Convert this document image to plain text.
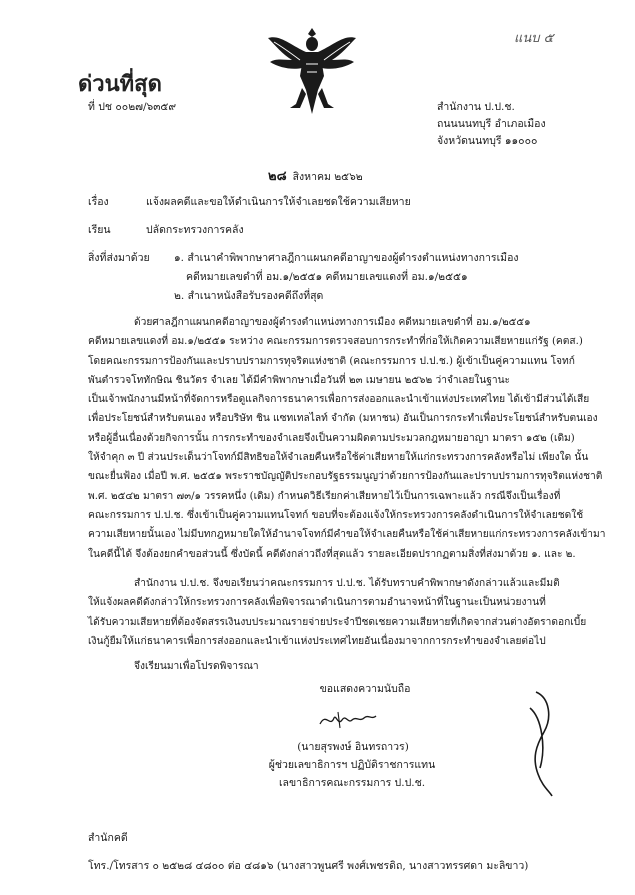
แนบ ๕
ด่วนที่สุด
ที่ ปช ๐๐๒๗/๖๓๕๙	สำนักงาน ป.ป.ช.
ถนนนนทบุรี อำเภอเมือง
จังหวัดนนทบุรี ๑๑๐๐๐
๒๘ สิงหาคม ๒๕๖๒
เรื่อง	แจ้งผลคดีและขอให้ดำเนินการให้จำเลยชดใช้ความเสียหาย
เรียน	ปลัดกระทรวงการคลัง
สิ่งที่ส่งมาด้วย ๑. สำเนาคำพิพากษาศาลฎีกาแผนกคดีอาญาของผู้ดำรงตำแหน่งทางการเมือง
คดีหมายเลขดำที่ อม.๑/๒๕๕๑ คดีหมายเลขแดงที่ อม.๑/๒๕๕๑
๒. สำเนาหนังสือรับรองคดีถึงที่สุด
ด้วยศาลฎีกาแผนกคดีอาญาของผู้ดำรงตำแหน่งทางการเมือง คดีหมายเลขดำที่ อม.๑/๒๕๕๑
คดีหมายเลขแดงที่ อม.๑/๒๕๕๑ ระหว่าง คณะกรรมการตรวจสอบการกระทำที่ก่อให้เกิดความเสียหายแก่รัฐ (คตส.)
โดยคณะกรรมการป้องกันและปราบปรามการทุจริตแห่งชาติ (คณะกรรมการ ป.ป.ช.) ผู้เข้าเป็นคู่ความแทน โจทก์
พันตำรวจโททักษิณ ชินวัตร จำเลย ได้มีคำพิพากษาเมื่อวันที่ ๒๓ เมษายน ๒๕๖๒ ว่าจำเลยในฐานะ
เป็นเจ้าพนักงานมีหน้าที่จัดการหรือดูแลกิจการธนาคารเพื่อการส่งออกและนำเข้าแห่งประเทศไทย ได้เข้ามีส่วนได้เสีย
เพื่อประโยชน์สำหรับตนเอง หรือบริษัท ชิน แซทเทลไลท์ จำกัด (มหาชน) อันเป็นการกระทำเพื่อประโยชน์สำหรับตนเอง
หรือผู้อื่นเนื่องด้วยกิจการนั้น การกระทำของจำเลยจึงเป็นความผิดตามประมวลกฎหมายอาญา มาตรา ๑๕๒ (เดิม)
ให้จำคุก ๓ ปี ส่วนประเด็นว่าโจทก์มีสิทธิขอให้จำเลยคืนหรือใช้ค่าเสียหายให้แก่กระทรวงการคลังหรือไม่ เพียงใด นั้น
ขณะยื่นฟ้อง เมื่อปี พ.ศ. ๒๕๕๑ พระราชบัญญัติประกอบรัฐธรรมนูญว่าด้วยการป้องกันและปราบปรามการทุจริตแห่งชาติ
พ.ศ. ๒๕๔๒ มาตรา ๗๓/๑ วรรคหนึ่ง (เดิม) กำหนดวิธีเรียกค่าเสียหายไว้เป็นการเฉพาะแล้ว กรณีจึงเป็นเรื่องที่
คณะกรรมการ ป.ป.ช. ซึ่งเข้าเป็นคู่ความแทนโจทก์ ขอบที่จะต้องแจ้งให้กระทรวงการคลังดำเนินการให้จำเลยชดใช้
ความเสียหายนั้นเอง ไม่มีบทกฎหมายใดให้อำนาจโจทก์มีคำขอให้จำเลยคืนหรือใช้ค่าเสียหายแก่กระทรวงการคลังเข้ามา
ในคดีนี้ได้ จึงต้องยกคำขอส่วนนี้ ซึ่งบัดนี้ คดีดังกล่าวถึงที่สุดแล้ว รายละเอียดปรากฏตามสิ่งที่ส่งมาด้วย ๑. และ ๒.
สำนักงาน ป.ป.ช. จึงขอเรียนว่าคณะกรรมการ ป.ป.ช. ได้รับทราบคำพิพากษาดังกล่าวแล้วและมีมติ
ให้แจ้งผลคดีดังกล่าวให้กระทรวงการคลังเพื่อพิจารณาดำเนินการตามอำนาจหน้าที่ในฐานะเป็นหน่วยงานที่
ได้รับความเสียหายที่ต้องจัดสรรเงินงบประมาณรายจ่ายประจำปีชดเชยความเสียหายที่เกิดจากส่วนต่างอัตราดอกเบี้ย
เงินกู้ยืมให้แก่ธนาคารเพื่อการส่งออกและนำเข้าแห่งประเทศไทยอันเนื่องมาจากการกระทำของจำเลยต่อไป
จึงเรียนมาเพื่อโปรดพิจารณา
ขอแสดงความนับถือ
(นายสุรพงษ์ อินทรถาวร)
ผู้ช่วยเลขาธิการฯ ปฏิบัติราชการแทน
เลขาธิการคณะกรรมการ ป.ป.ช.
สำนักคดี
โทร./โทรสาร ๐ ๒๕๒๘ ๔๘๐๐ ต่อ ๔๘๑๖ (นางสาวพูนศรี พงศ์เพชรดิถ, นางสาวทรรศดา มะลิขาว)
